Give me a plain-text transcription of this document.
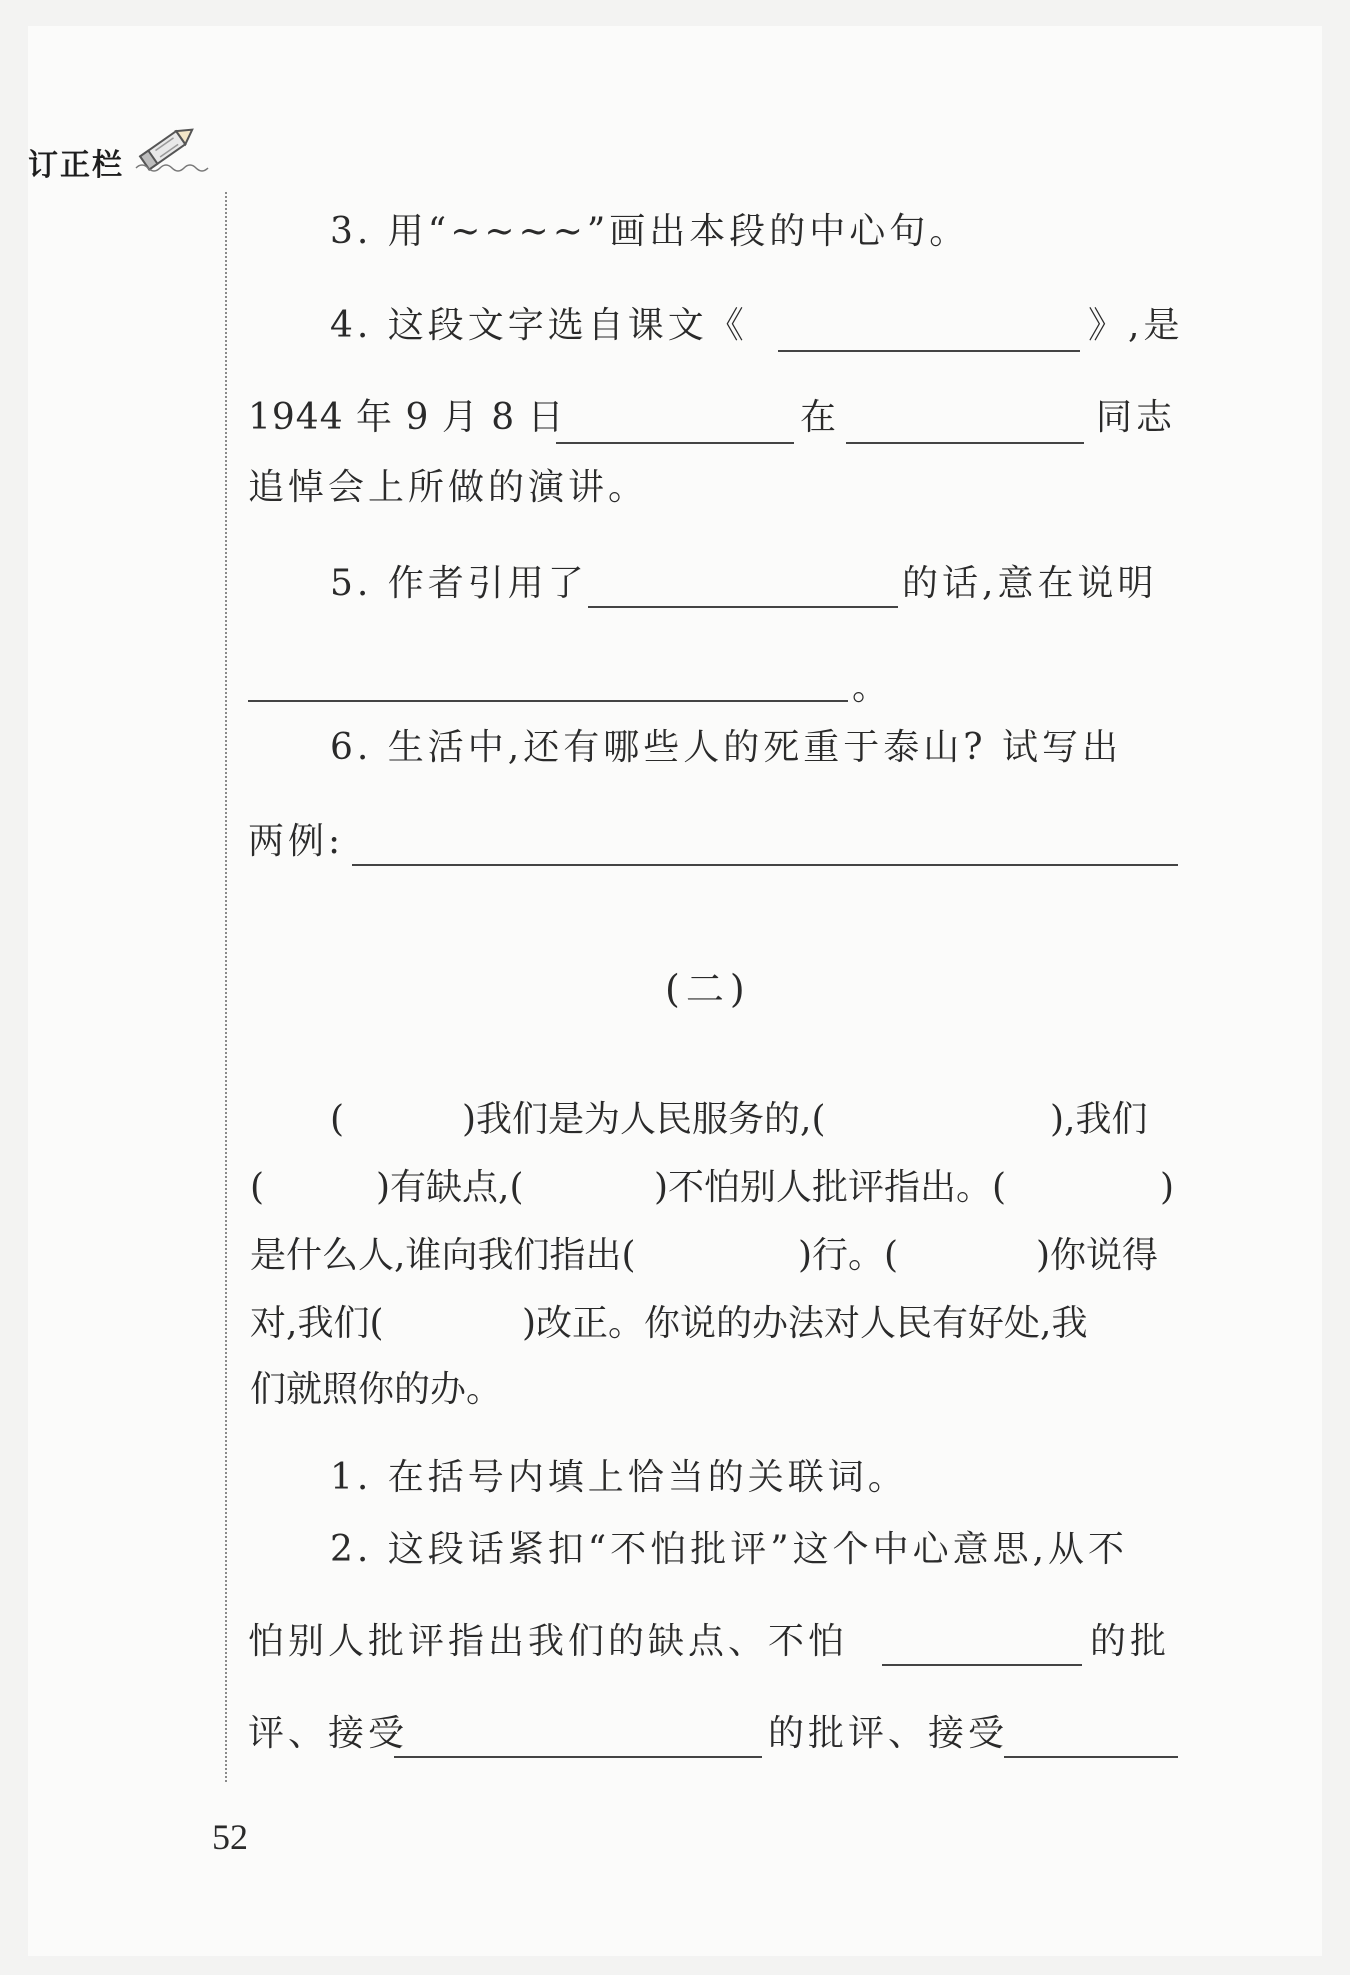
订正栏
3. 用“~~~~”画出本段的中心句。
4. 这段文字选自课文《	》,是
1944 年 9 月 8 日	在	同志
追悼会上所做的演讲。
5. 作者引用了	的话,意在说明
。
6. 生活中,还有哪些人的死重于泰山? 试写出
两例:
(二)
(	)我们是为人民服务的,(	),我们
(	)有缺点,(	)不怕别人批评指出。(	)
是什么人,谁向我们指出(	)行。(	)你说得
对,我们(	)改正。你说的办法对人民有好处,我
们就照你的办。
1. 在括号内填上恰当的关联词。
2. 这段话紧扣“不怕批评”这个中心意思,从不
怕别人批评指出我们的缺点、不怕	的批
评、接受	的批评、接受
52
